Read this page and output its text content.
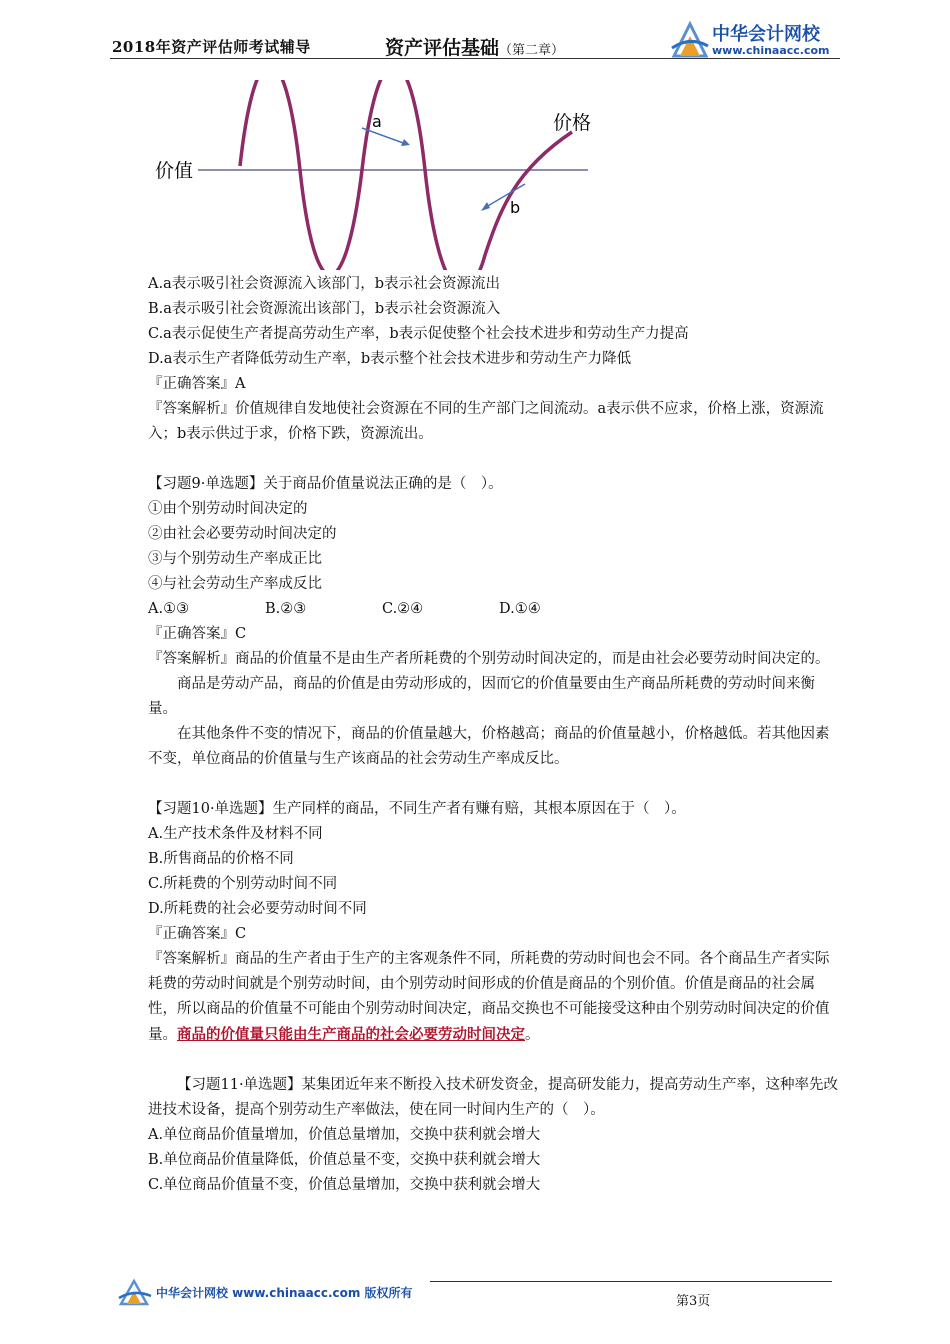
2018年资产评估师考试辅导	资产评估基础（第二章）
中华会计网校
www.chinaacc.com
a
b
价值
价格

A.a表示吸引社会资源流入该部门，b表示社会资源流出

B.a表示吸引社会资源流出该部门，b表示社会资源流入

C.a表示促使生产者提高劳动生产率，b表示促使整个社会技术进步和劳动生产力提高

D.a表示生产者降低劳动生产率，b表示整个社会技术进步和劳动生产力降低

『正确答案』A

『答案解析』价值规律自发地使社会资源在不同的生产部门之间流动。a表示供不应求，价格上涨，资源流入；b表示供过于求，价格下跌，资源流出。

【习题9·单选题】关于商品价值量说法正确的是（　）。

①由个别劳动时间决定的

②由社会必要劳动时间决定的

③与个别劳动生产率成正比

④与社会劳动生产率成反比

A.①③	B.②③	C.②④	D.①④

『正确答案』C

『答案解析』商品的价值量不是由生产者所耗费的个别劳动时间决定的，而是由社会必要劳动时间决定的。

商品是劳动产品，商品的价值是由劳动形成的，因而它的价值量要由生产商品所耗费的劳动时间来衡量。

在其他条件不变的情况下，商品的价值量越大，价格越高；商品的价值量越小，价格越低。若其他因素不变，单位商品的价值量与生产该商品的社会劳动生产率成反比。

【习题10·单选题】生产同样的商品，不同生产者有赚有赔，其根本原因在于（　）。

A.生产技术条件及材料不同

B.所售商品的价格不同

C.所耗费的个别劳动时间不同

D.所耗费的社会必要劳动时间不同

『正确答案』C

『答案解析』商品的生产者由于生产的主客观条件不同，所耗费的劳动时间也会不同。各个商品生产者实际耗费的劳动时间就是个别劳动时间，由个别劳动时间形成的价值是商品的个别价值。价值是商品的社会属性，所以商品的价值量不可能由个别劳动时间决定，商品交换也不可能接受这种由个别劳动时间决定的价值量。商品的价值量只能由生产商品的社会必要劳动时间决定。

【习题11·单选题】某集团近年来不断投入技术研发资金，提高研发能力，提高劳动生产率，这种率先改进技术设备，提高个别劳动生产率做法，使在同一时间内生产的（　）。

A.单位商品价值量增加，价值总量增加，交换中获利就会增大

B.单位商品价值量降低，价值总量不变，交换中获利就会增大

C.单位商品价值量不变，价值总量增加，交换中获利就会增大

中华会计网校 www.chinaacc.com 版权所有
第3页
